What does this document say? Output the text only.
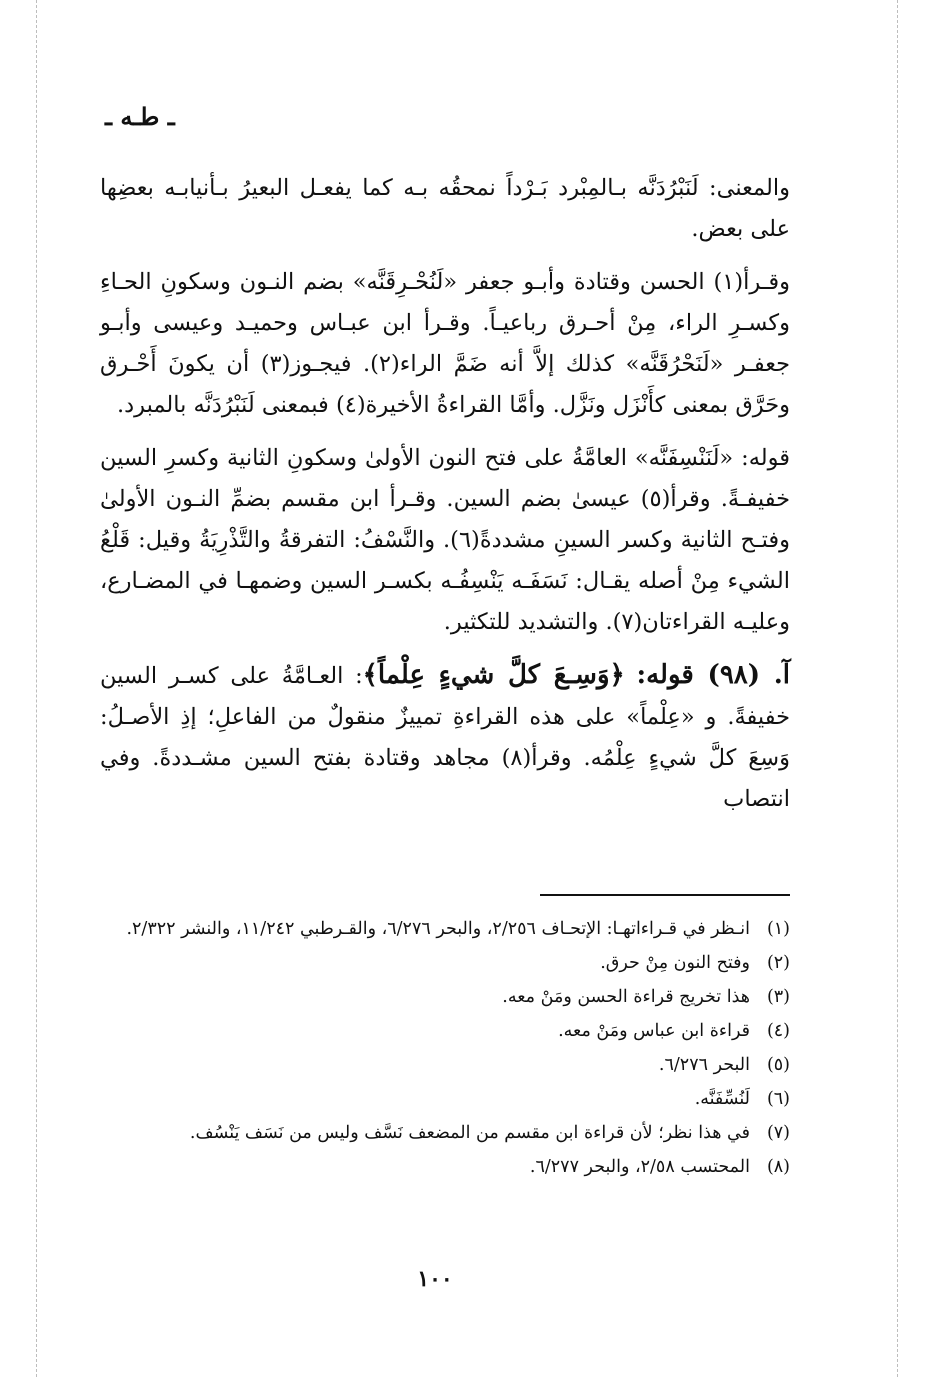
ـ طـه ـ

والمعنى: لَنَبْرُدَنَّه بـالمِبْرد بَـرْداً نمحقُه بـه كما يفعـل البعيرُ بـأنيابـه بعضِها على بعض.

وقـرأ(١) الحسن وقتادة وأبـو جعفر «لَنُحْـرِقَنَّه» بضم النـون وسكونِ الحـاءِ وكسـرِ الراء، مِنْ أحـرق رباعيـاً. وقـرأ ابن عبـاس وحميـد وعيسى وأبـو جعفـر «لَنَحْرُقَنَّه» كذلك إلاَّ أنه ضَمَّ الراء(٢). فيجـوز(٣) أن يكونَ أَحْـرق وحَرَّق بمعنى كأَنْزَل ونَزَّل. وأمَّا القراءةُ الأخيرة(٤) فبمعنى لَنَبْرُدَنَّه بالمبرد.

قوله: «لَنَنْسِفَنَّه» العامَّةُ على فتح النون الأولىٰ وسكونِ الثانية وكسرِ السين خفيفـةً. وقرأ(٥) عيسىٰ بضم السين. وقـرأ ابن مقسم بضمِّ النـون الأولىٰ وفتـح الثانية وكسر السينِ مشددةً(٦). والنَّسْفُ: التفرقةُ والتَّذْرِيَةُ وقيل: قَلْعُ الشيء مِنْ أصله يقـال: نَسَفَـه يَنْسِفُـه بكسـر السين وضمهـا في المضـارع، وعليـه القراءتان(٧). والتشديد للتكثير.

آ. (٩٨) قوله: ﴿وَسِـعَ كلَّ شيءٍ عِلْماً﴾: العـامَّةُ على كسـر السين خفيفةً. و «عِلْماً» على هذه القراءةِ تمييزٌ منقولٌ من الفاعلِ؛ إذِ الأصـلُ: وَسِعَ كلَّ شيءٍ عِلْمُه. وقرأ(٨) مجاهد وقتادة بفتح السين مشـددةً. وفي انتصاب

(١)
انـظر في قـراءاتهـا: الإتحـاف ٢/٢٥٦، والبحر ٦/٢٧٦، والقـرطبي ١١/٢٤٢، والنشر ٢/٣٢٢.
(٢)
وفتح النون مِنْ حرق.
(٣)
هذا تخريج قراءة الحسن ومَنْ معه.
(٤)
قراءة ابن عباس ومَنْ معه.
(٥)
البحر ٦/٢٧٦.
(٦)
لَنُسِّفَنَّه.
(٧)
في هذا نظر؛ لأن قراءة ابن مقسم من المضعف نَسَّف وليس من نَسَف يَنْسُف.
(٨)
المحتسب ٢/٥٨، والبحر ٦/٢٧٧.
١٠٠
